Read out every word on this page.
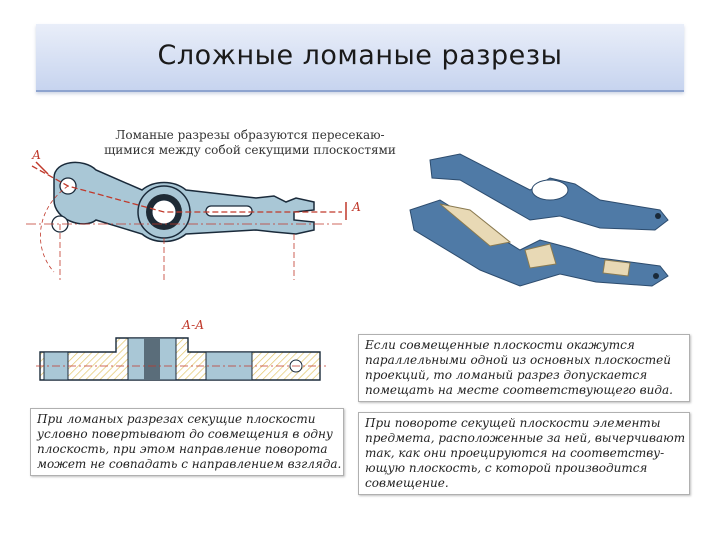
Сложные ломаные разрезы
Ломаные разрезы образуются пересекаю-
щимися между собой секущими плоскостями
А
А
А-А
Если совмещенные плоскости окажутся
параллельными одной из основных плоскостей
проекций, то ломаный разрез допускается
помещать на месте соответствующего вида.
При ломаных разрезах секущие плоскости
условно повертывают до совмещения в одну
плоскость, при этом направление поворота
может не совпадать с направлением взгляда.
При повороте секущей плоскости элементы
предмета, расположенные за ней, вычерчивают
так, как они проецируются на соответству-
ющую плоскость, с которой производится
совмещение.
